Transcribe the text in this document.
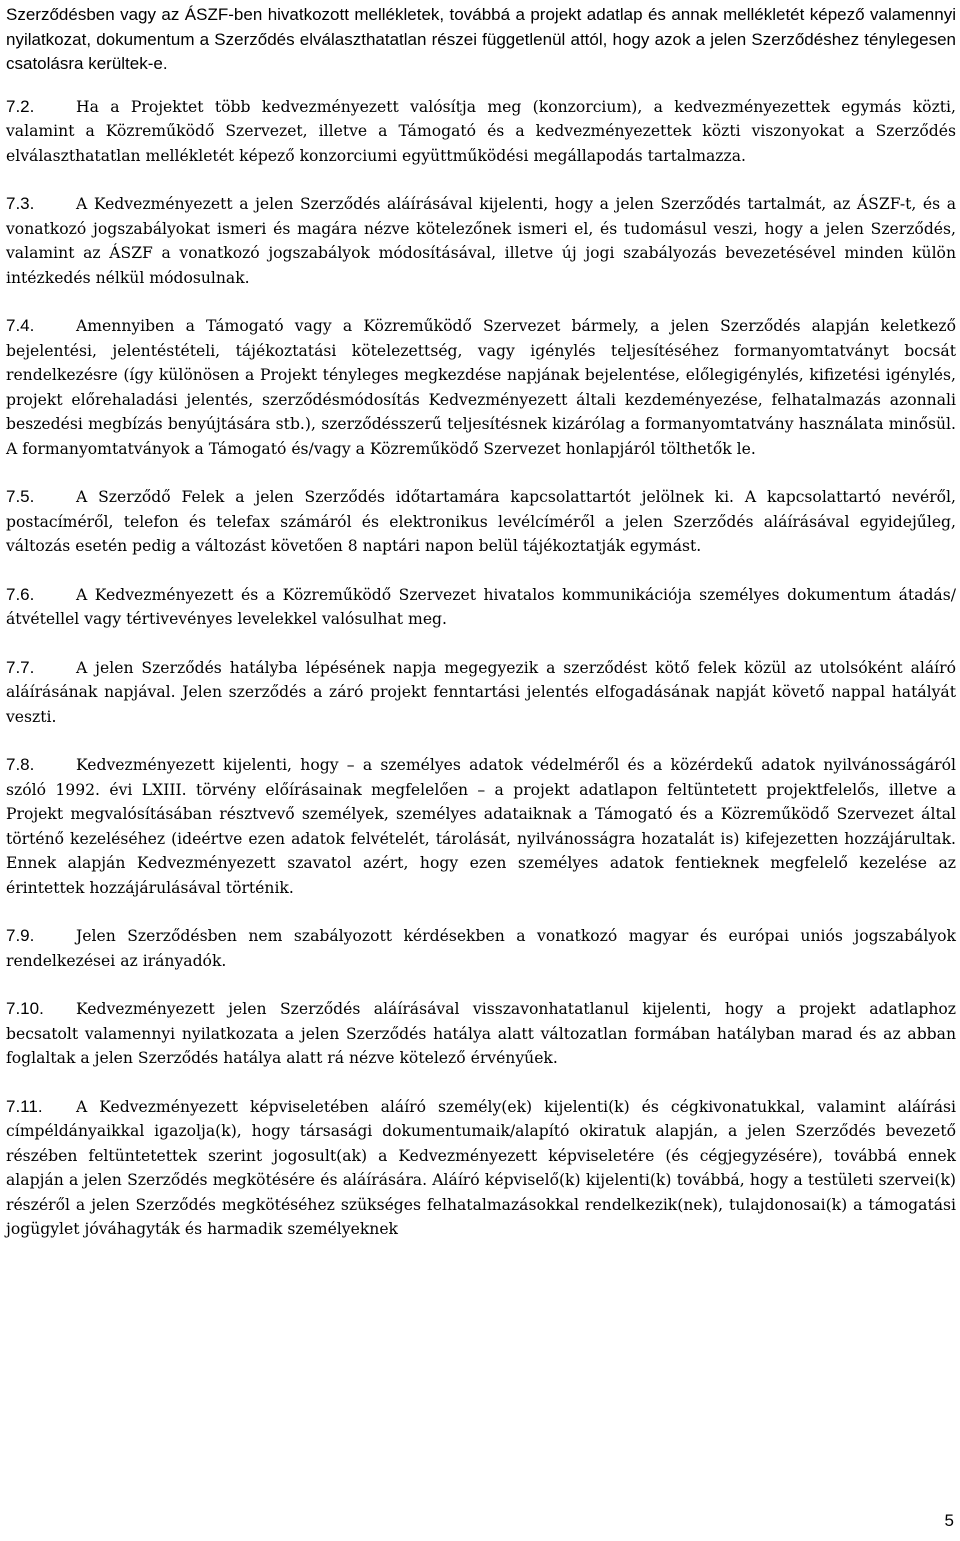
Szerződésben vagy az ÁSZF-ben hivatkozott mellékletek, továbbá a projekt adatlap és annak mellékletét képező valamennyi nyilatkozat, dokumentum a Szerződés elválaszthatatlan részei függetlenül attól, hogy azok a jelen Szerződéshez ténylegesen csatolásra kerültek-e.

7.2.	Ha a Projektet több kedvezményezett valósítja meg (konzorcium), a kedvezményezettek egymás közti, valamint a Közreműködő Szervezet, illetve a Támogató és a kedvezményezettek közti viszonyokat a Szerződés elválaszthatatlan mellékletét képező konzorciumi együttműködési megállapodás tartalmazza.

7.3.	A Kedvezményezett a jelen Szerződés aláírásával kijelenti, hogy a jelen Szerződés tartalmát, az ÁSZF-t, és a vonatkozó jogszabályokat ismeri és magára nézve kötelezőnek ismeri el, és tudomásul veszi, hogy a jelen Szerződés, valamint az ÁSZF a vonatkozó jogszabályok módosításával, illetve új jogi szabályozás bevezetésével minden külön intézkedés nélkül módosulnak.

7.4.	Amennyiben a Támogató vagy a Közreműködő Szervezet bármely, a jelen Szerződés alapján keletkező bejelentési, jelentéstételi, tájékoztatási kötelezettség, vagy igénylés teljesítéséhez formanyomtatványt bocsát rendelkezésre (így különösen a Projekt tényleges megkezdése napjának bejelentése, előlegigénylés, kifizetési igénylés, projekt előrehaladási jelentés, szerződésmódosítás Kedvezményezett általi kezdeményezése, felhatalmazás azonnali beszedési megbízás benyújtására stb.), szerződésszerű teljesítésnek kizárólag a formanyomtatvány használata minősül. A formanyomtatványok a Támogató és/vagy a Közreműködő Szervezet honlapjáról tölthetők le.

7.5.	A Szerződő Felek a jelen Szerződés időtartamára kapcsolattartót jelölnek ki. A kapcsolattartó nevéről, postacíméről, telefon és telefax számáról és elektronikus levélcíméről a jelen Szerződés aláírásával egyidejűleg, változás esetén pedig a változást követően 8 naptári napon belül tájékoztatják egymást.

7.6.	A Kedvezményezett és a Közreműködő Szervezet hivatalos kommunikációja személyes dokumentum átadás/átvétellel vagy tértivevényes levelekkel valósulhat meg.

7.7.	A jelen Szerződés hatályba lépésének napja megegyezik a szerződést kötő felek közül az utolsóként aláíró aláírásának napjával. Jelen szerződés a záró projekt fenntartási jelentés elfogadásának napját követő nappal hatályát veszti.

7.8.	Kedvezményezett kijelenti, hogy – a személyes adatok védelméről és a közérdekű adatok nyilvánosságáról szóló 1992. évi LXIII. törvény előírásainak megfelelően – a projekt adatlapon feltüntetett projektfelelős, illetve a Projekt megvalósításában résztvevő személyek, személyes adataiknak a Támogató és a Közreműködő Szervezet által történő kezeléséhez (ideértve ezen adatok felvételét, tárolását, nyilvánosságra hozatalát is) kifejezetten hozzájárultak. Ennek alapján Kedvezményezett szavatol azért, hogy ezen személyes adatok fentieknek megfelelő kezelése az érintettek hozzájárulásával történik.

7.9.	Jelen Szerződésben nem szabályozott kérdésekben a vonatkozó magyar és európai uniós jogszabályok rendelkezései az irányadók.

7.10. Kedvezményezett jelen Szerződés aláírásával visszavonhatatlanul kijelenti, hogy a projekt adatlaphoz becsatolt valamennyi nyilatkozata a jelen Szerződés hatálya alatt változatlan formában hatályban marad és az abban foglaltak a jelen Szerződés hatálya alatt rá nézve kötelező érvényűek.

7.11. A Kedvezményezett képviseletében aláíró személy(ek) kijelenti(k) és cégkivonatukkal, valamint aláírási címpéldányaikkal igazolja(k), hogy társasági dokumentumaik/alapító okiratuk alapján, a jelen Szerződés bevezető részében feltüntetettek szerint jogosult(ak) a Kedvezményezett képviseletére (és cégjegyzésére), továbbá ennek alapján a jelen Szerződés megkötésére és aláírására. Aláíró képviselő(k) kijelenti(k) továbbá, hogy a testületi szervei(k) részéről a jelen Szerződés megkötéséhez szükséges felhatalmazásokkal rendelkezik(nek), tulajdonosai(k) a támogatási jogügylet jóváhagyták és harmadik személyeknek

5
